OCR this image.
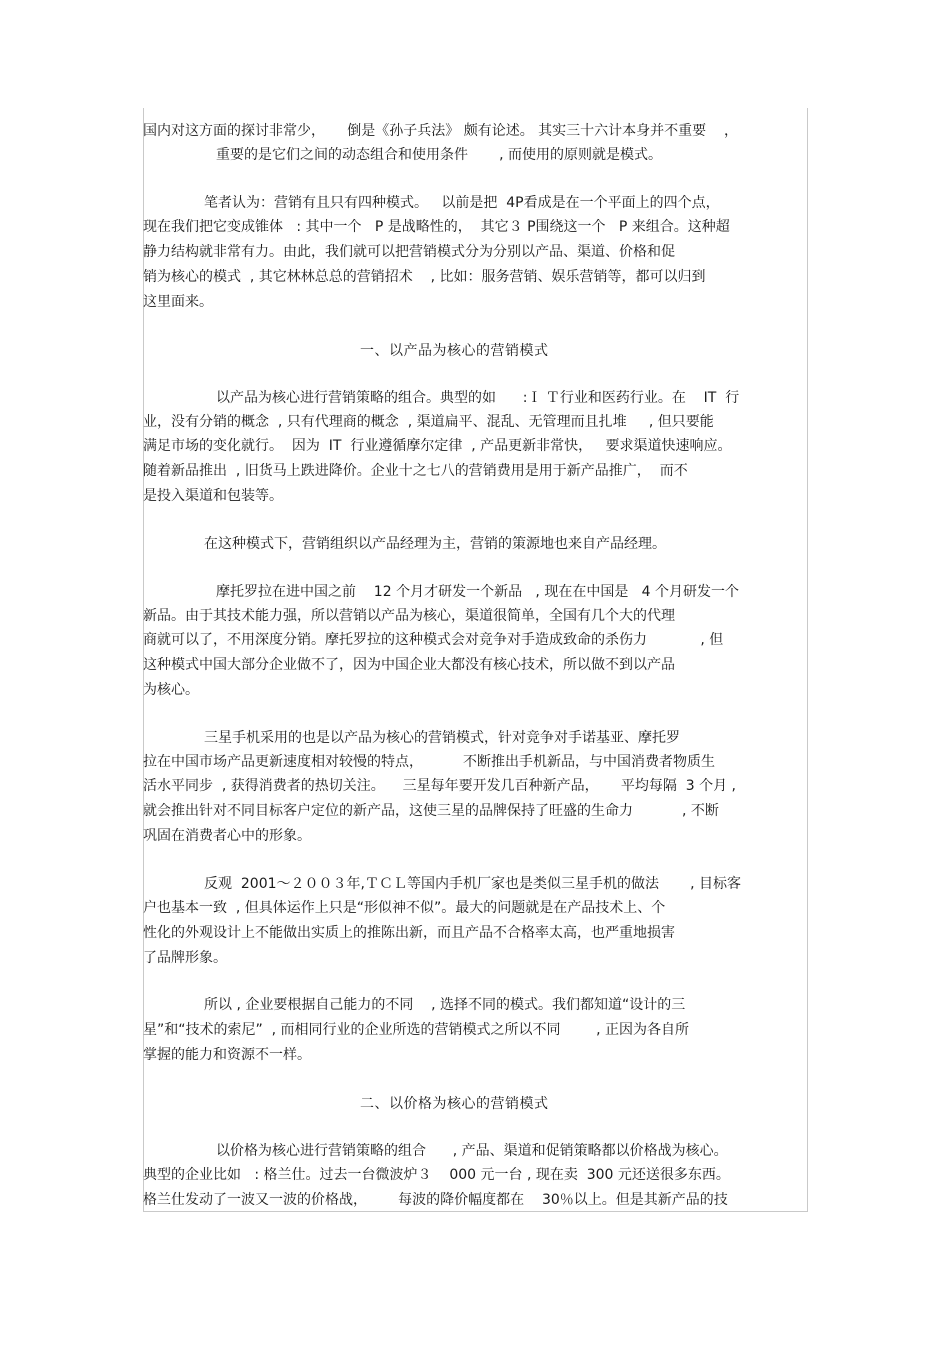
国内对这方面的探讨非常少，     倒是《孙子兵法》 颇有论述。 其实三十六计本身并不重要    ，
重要的是它们之间的动态组合和使用条件       , 而使用的原则就是模式。
笔者认为：营销有且只有四种模式。   以前是把  4P看成是在一个平面上的四个点，
现在我们把它变成锥体   : 其中一个   P 是战略性的，  其它３ P围绕这一个   P 来组合。这种超
静力结构就非常有力。由此，我们就可以把营销模式分为分别以产品、渠道、价格和促
销为核心的模式  , 其它林林总总的营销招术    , 比如：服务营销、娱乐营销等，都可以归到
这里面来。
一、以产品为核心的营销模式
以产品为核心进行营销策略的组合。典型的如      :Ｉ Ｔ行业和医药行业。在    IT  行
业，没有分销的概念  , 只有代理商的概念  , 渠道扁平、混乱、无管理而且扎堆     , 但只要能
满足市场的变化就行。  因为  IT  行业遵循摩尔定律  , 产品更新非常快，   要求渠道快速响应。
随着新品推出  , 旧货马上跌进降价。企业十之七八的营销费用是用于新产品推广，  而不
是投入渠道和包装等。
在这种模式下，营销组织以产品经理为主，营销的策源地也来自产品经理。
摩托罗拉在进中国之前    12 个月才研发一个新品   , 现在在中国是   4 个月研发一个
新品。由于其技术能力强，所以营销以产品为核心，渠道很简单，全国有几个大的代理
商就可以了，不用深度分销。摩托罗拉的这种模式会对竞争对手造成致命的杀伤力            , 但
这种模式中国大部分企业做不了，因为中国企业大都没有核心技术，所以做不到以产品
为核心。
三星手机采用的也是以产品为核心的营销模式，针对竞争对手诺基亚、摩托罗
拉在中国市场产品更新速度相对较慢的特点，         不断推出手机新品，与中国消费者物质生
活水平同步  , 获得消费者的热切关注。    三星每年要开发几百种新产品，     平均每隔  3 个月 ,
就会推出针对不同目标客户定位的新产品，这使三星的品牌保持了旺盛的生命力           , 不断
巩固在消费者心中的形象。
反观  2001～２００３年,ＴＣＬ等国内手机厂家也是类似三星手机的做法       , 目标客
户也基本一致  , 但具体运作上只是“形似神不似”。最大的问题就是在产品技术上、个
性化的外观设计上不能做出实质上的推陈出新，而且产品不合格率太高，也严重地损害
了品牌形象。
所以 , 企业要根据自己能力的不同    , 选择不同的模式。我们都知道“设计的三
星”和“技术的索尼”  , 而相同行业的企业所选的营销模式之所以不同        , 正因为各自所
掌握的能力和资源不一样。
二、以价格为核心的营销模式
以价格为核心进行营销策略的组合      , 产品、渠道和促销策略都以价格战为核心。
典型的企业比如   : 格兰仕。过去一台微波炉３    000 元一台 , 现在卖  300 元还送很多东西。
格兰仕发动了一波又一波的价格战，       每波的降价幅度都在    30％以上。但是其新产品的技
